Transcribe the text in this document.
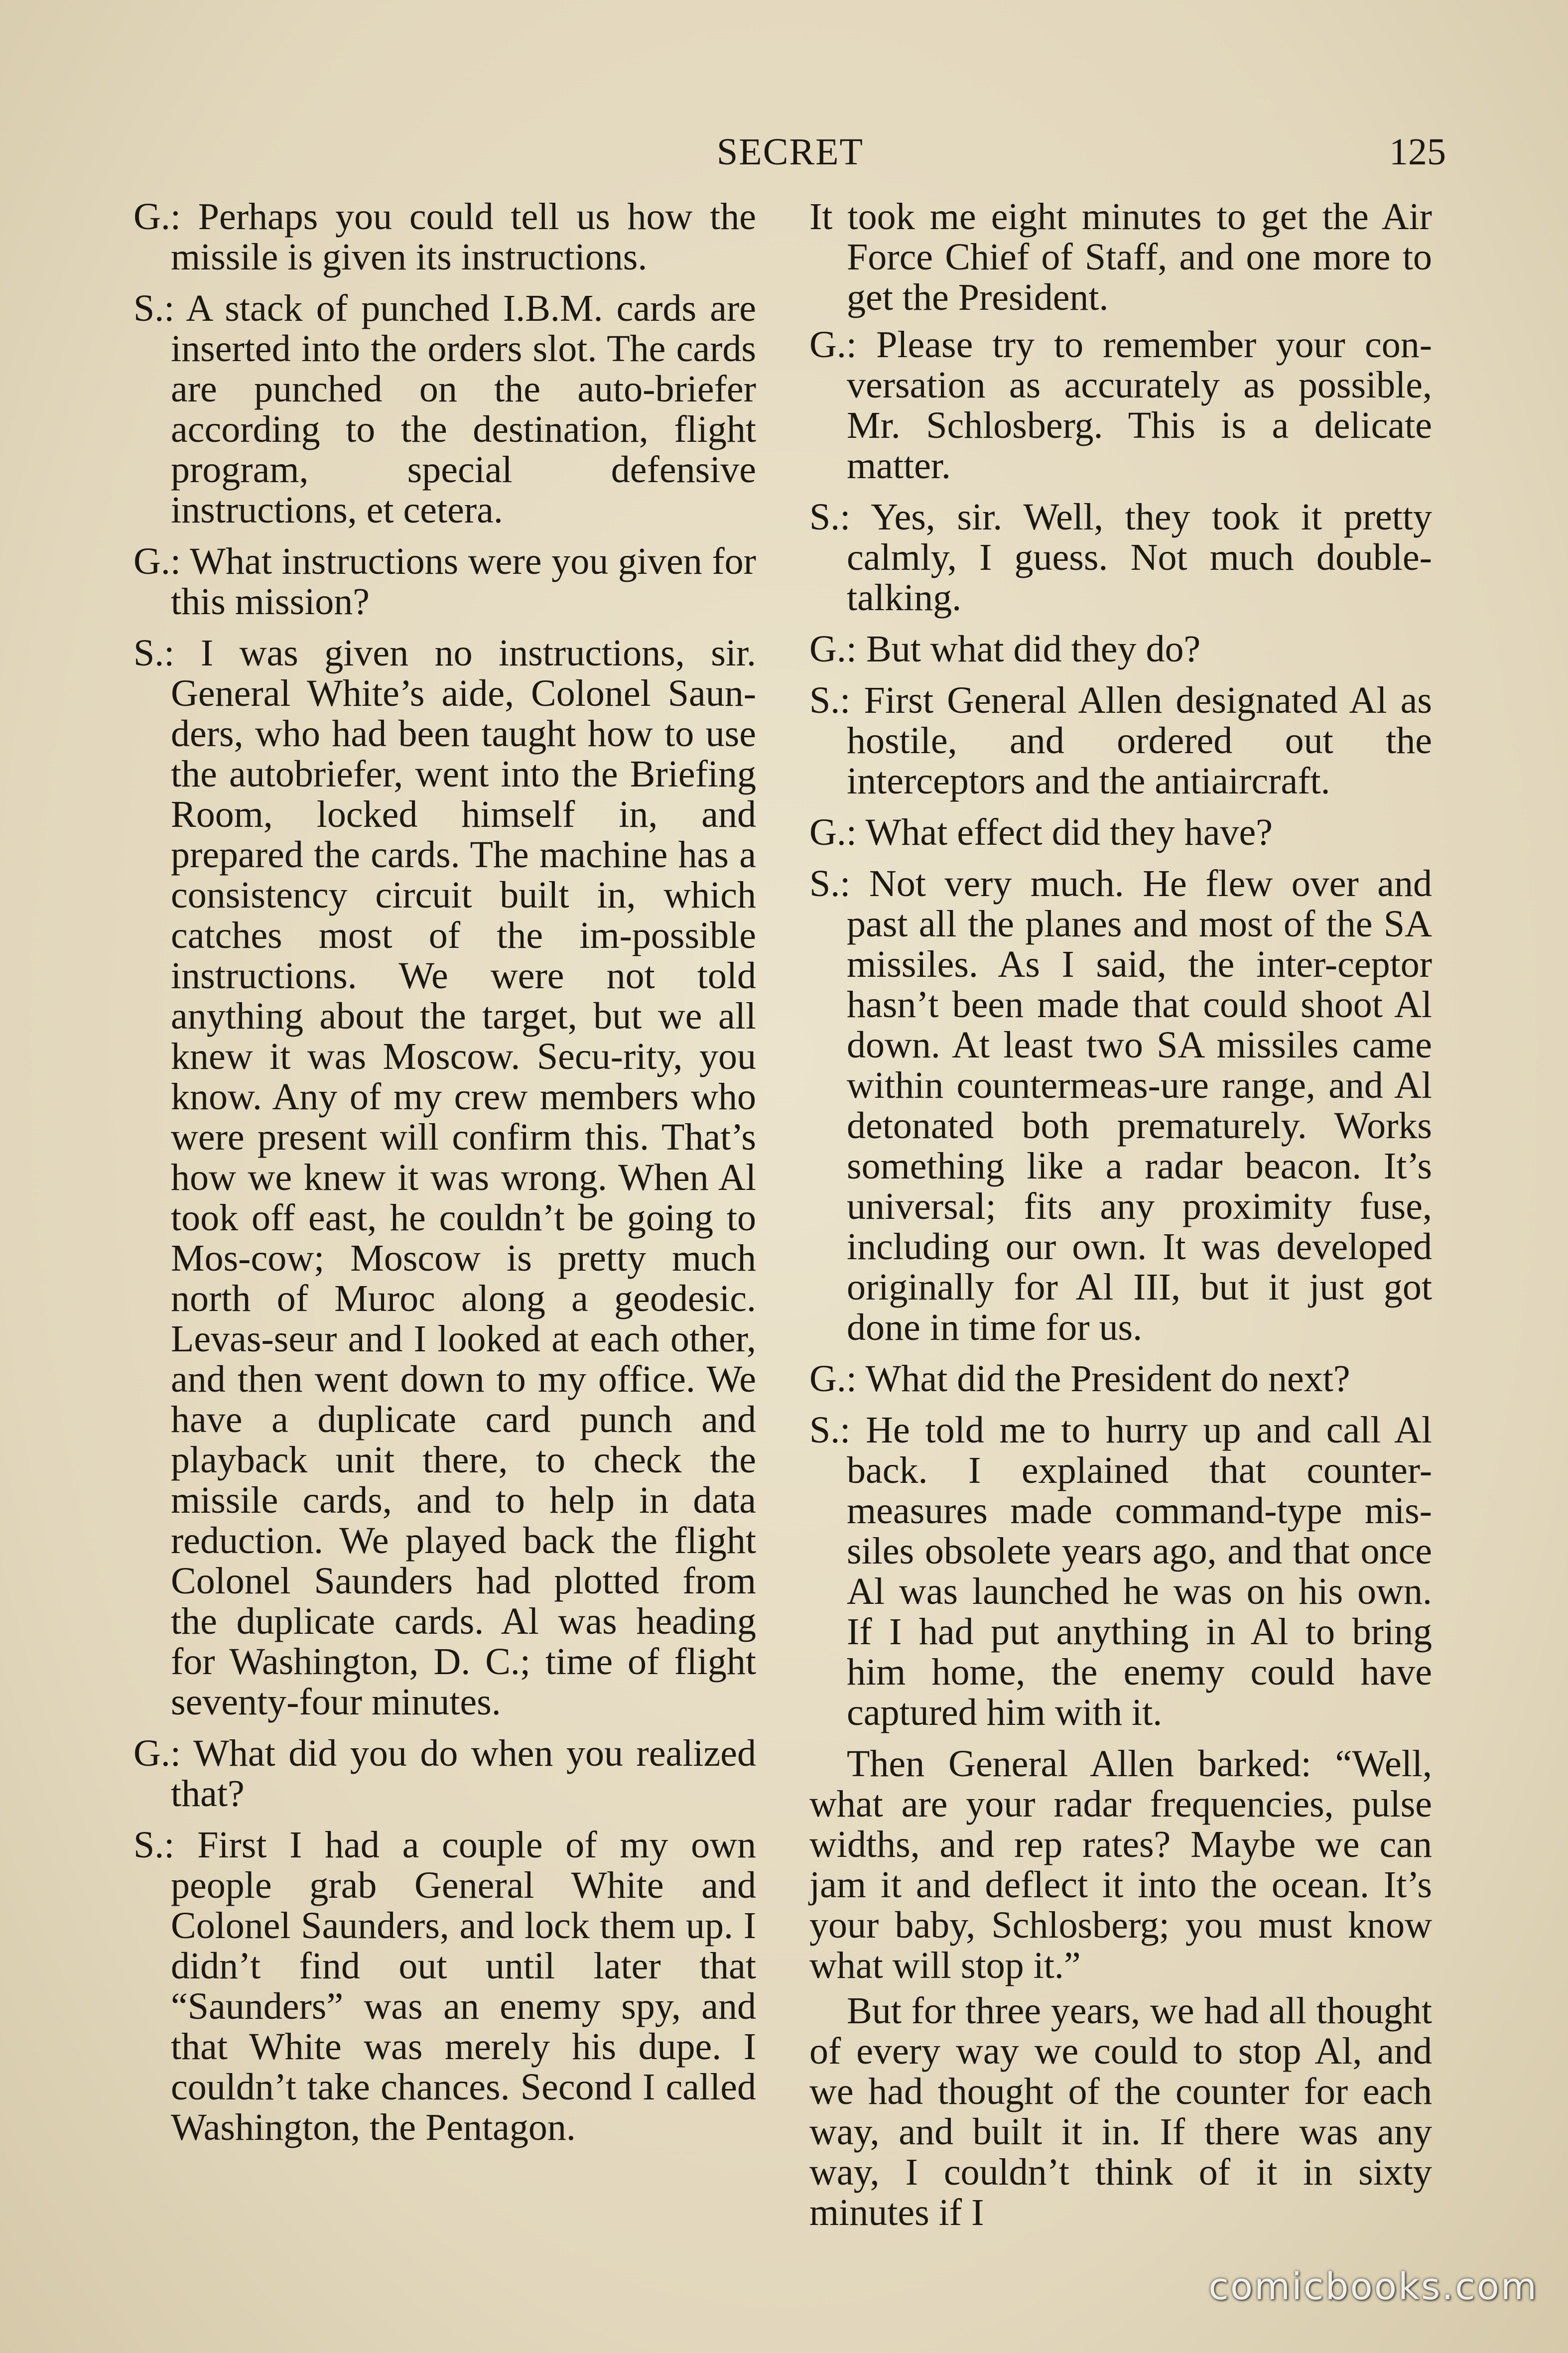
SECRET	125

G.: Perhaps you could tell us how the missile is given its instructions.

S.: A stack of punched I.B.M. cards are inserted into the orders slot. The cards are punched on the auto-briefer according to the destination, flight program, special defensive instructions, et cetera.

G.: What instructions were you given for this mission?

S.: I was given no instructions, sir. General White’s aide, Colonel Saun-ders, who had been taught how to use the autobriefer, went into the Briefing Room, locked himself in, and prepared the cards. The machine has a consistency circuit built in, which catches most of the im-possible instructions. We were not told anything about the target, but we all knew it was Moscow. Secu-rity, you know. Any of my crew members who were present will confirm this. That’s how we knew it was wrong. When Al took off east, he couldn’t be going to Mos-cow; Moscow is pretty much north of Muroc along a geodesic. Levas-seur and I looked at each other, and then went down to my office. We have a duplicate card punch and playback unit there, to check the missile cards, and to help in data reduction. We played back the flight Colonel Saunders had plotted from the duplicate cards. Al was heading for Washington, D. C.; time of flight seventy-four minutes.

G.: What did you do when you realized that?

S.: First I had a couple of my own people grab General White and Colonel Saunders, and lock them up. I didn’t find out until later that “Saunders” was an enemy spy, and that White was merely his dupe. I couldn’t take chances. Second I called Washington, the Pentagon.

It took me eight minutes to get the Air Force Chief of Staff, and one more to get the President.

G.: Please try to remember your con-versation as accurately as possible, Mr. Schlosberg. This is a delicate matter.

S.: Yes, sir. Well, they took it pretty calmly, I guess. Not much double-talking.

G.: But what did they do?

S.: First General Allen designated Al as hostile, and ordered out the interceptors and the antiaircraft.

G.: What effect did they have?

S.: Not very much. He flew over and past all the planes and most of the SA missiles. As I said, the inter-ceptor hasn’t been made that could shoot Al down. At least two SA missiles came within countermeas-ure range, and Al detonated both prematurely. Works something like a radar beacon. It’s universal; fits any proximity fuse, including our own. It was developed originally for Al III, but it just got done in time for us.

G.: What did the President do next?

S.: He told me to hurry up and call Al back. I explained that counter-measures made command-type mis-siles obsolete years ago, and that once Al was launched he was on his own. If I had put anything in Al to bring him home, the enemy could have captured him with it.

Then General Allen barked: “Well, what are your radar frequencies, pulse widths, and rep rates? Maybe we can jam it and deflect it into the ocean. It’s your baby, Schlosberg; you must know what will stop it.”

But for three years, we had all thought of every way we could to stop Al, and we had thought of the counter for each way, and built it in. If there was any way, I couldn’t think of it in sixty minutes if I

comicbooks.com
